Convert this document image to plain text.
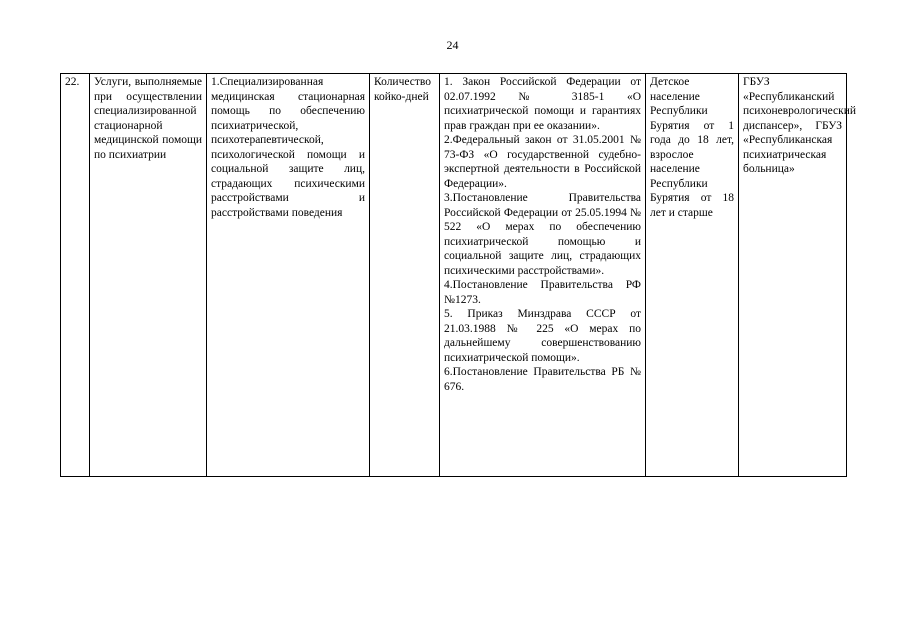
24
22.	Услуги, выполняемые при осуществлении специализированной стационарной медицинской помощи по психиатрии

1.Специализированная медицинская стационарная помощь по обеспечению психиатрической, психотерапевтической, психологической помощи и социальной защите лиц, страдающих психическими расстройствами и расстройствами поведения

Количество койко-дней

1. Закон Российской Федерации от 02.07.1992 № 3185-1 «О психиатрической помощи и гарантиях прав граждан при ее оказании».
2.Федеральный закон от 31.05.2001 № 73-ФЗ «О государственной судебно-экспертной деятельности в Российской Федерации».
3.Постановление Правительства Российской Федерации от 25.05.1994 № 522 «О мерах по обеспечению психиатрической помощью и социальной защите лиц, страдающих психическими расстройствами».
4.Постановление Правительства РФ №1273.
5. Приказ Минздрава СССР от 21.03.1988 № 225 «О мерах по дальнейшему совершенствованию психиатрической помощи».
6.Постановление Правительства РБ № 676.

Детское население Республики Бурятия от 1 года до 18 лет, взрослое население Республики Бурятия от 18 лет и старше

ГБУЗ «Республиканский психоневрологический диспансер», ГБУЗ «Республиканская психиатрическая больница»
